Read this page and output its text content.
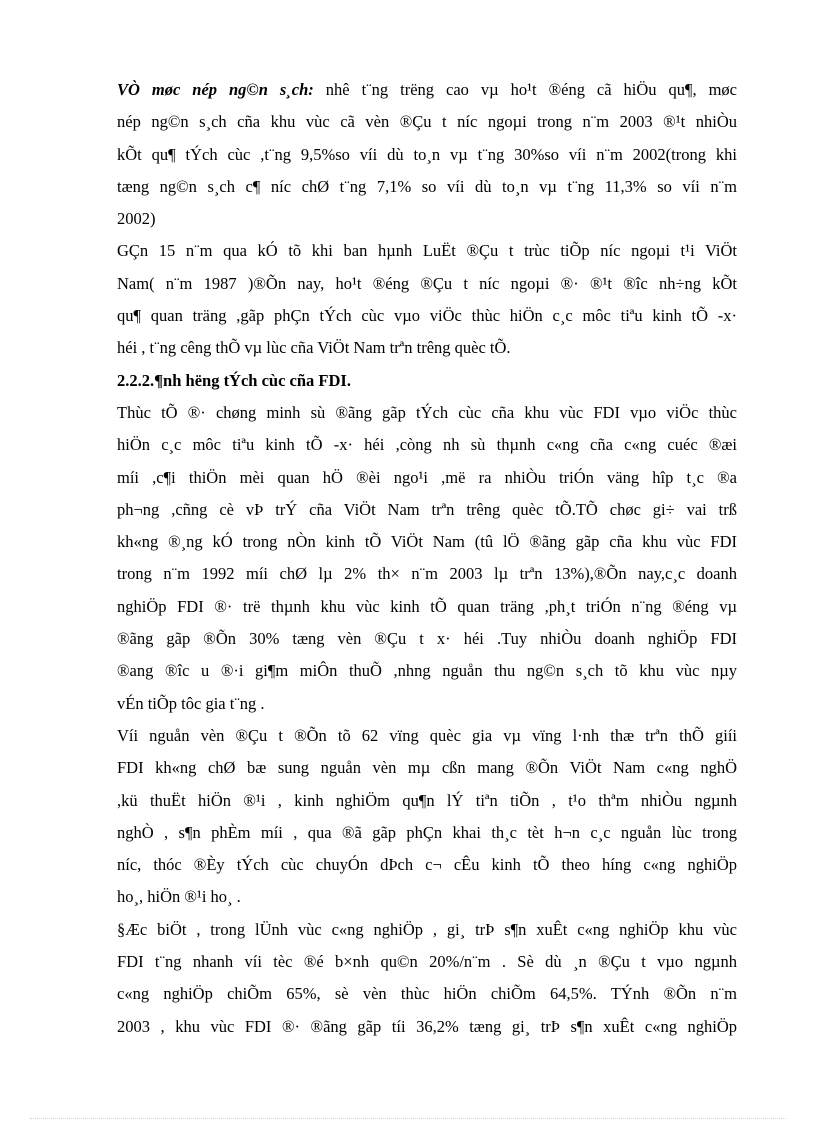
VÒ møc nép ng©n s¸ch: nhê t¨ng trëng cao vµ ho¹t ®éng cã hiÖu qu¶, møc
nép ng©n s¸ch cña khu vùc cã vèn ®Çu t níc ngoµi trong n¨m 2003 ®¹t nhiÒu
kÕt qu¶ tÝch cùc ,t¨ng 9,5%so víi dù to¸n vµ t¨ng 30%so víi n¨m 2002(trong khi
tæng ng©n s¸ch c¶ níc chØ t¨ng 7,1% so víi dù to¸n vµ t¨ng 11,3% so víi n¨m
2002)
GÇn 15 n¨m qua kÓ tõ khi ban hµnh LuËt ®Çu t trùc tiÕp níc ngoµi t¹i ViÖt
Nam( n¨m 1987 )®Õn nay, ho¹t ®éng ®Çu t níc ngoµi ®· ®¹t ®îc nh÷ng kÕt
qu¶ quan träng ,gãp phÇn tÝch cùc vµo viÖc thùc hiÖn c¸c môc tiªu kinh tÕ -x·
héi , t¨ng cêng thÕ vµ lùc cña ViÖt Nam trªn trêng quèc tÕ.
2.2.2.¶nh hëng tÝch cùc cña FDI.
Thùc tÕ ®· chøng minh sù ®ãng gãp tÝch cùc cña khu vùc FDI vµo viÖc thùc
hiÖn c¸c môc tiªu kinh tÕ -x· héi ,còng nh sù thµnh c«ng cña c«ng cuéc ®æi
míi ,c¶i thiÖn mèi quan hÖ ®èi ngo¹i ,më ra nhiÒu triÓn väng hîp t¸c ®a
ph¬ng ,cñng cè vÞ trÝ cña ViÖt Nam trªn trêng quèc tÕ.TÕ chøc gi÷ vai trß
kh«ng ®¸ng kÓ trong nÒn kinh tÕ ViÖt Nam (tû lÖ ®ãng gãp cña khu vùc FDI
trong n¨m 1992 míi chØ lµ 2% th× n¨m 2003 lµ trªn 13%),®Õn nay,c¸c doanh
nghiÖp FDI ®· trë thµnh khu vùc kinh tÕ quan träng ,ph¸t triÓn n¨ng ®éng vµ
®ãng gãp ®Õn 30% tæng vèn ®Çu t x· héi .Tuy nhiÒu doanh nghiÖp FDI
®ang ®îc u ®·i gi¶m miÔn thuÕ ,nhng nguån thu ng©n s¸ch tõ khu vùc nµy
vÉn tiÕp tôc gia t¨ng .
Víi nguån vèn ®Çu t ®Õn tõ 62 vïng quèc gia vµ vïng l·nh thæ trªn thÕ giíi
FDI kh«ng chØ bæ sung nguån vèn mµ cßn mang ®Õn ViÖt Nam c«ng nghÖ
,kü thuËt hiÖn ®¹i , kinh nghiÖm qu¶n lÝ tiªn tiÕn , t¹o thªm nhiÒu ngµnh
nghÒ , s¶n phÈm míi , qua ®ã gãp phÇn khai th¸c tèt h¬n c¸c nguån lùc trong
níc, thóc ®Èy tÝch cùc chuyÓn dÞch c¬ cÊu kinh tÕ theo híng c«ng nghiÖp
ho¸, hiÖn ®¹i ho¸ .
§Æc biÖt , trong lÜnh vùc c«ng nghiÖp , gi¸ trÞ s¶n xuÊt c«ng nghiÖp khu vùc
FDI t¨ng nhanh víi tèc ®é b×nh qu©n 20%/n¨m . Sè dù ¸n ®Çu t vµo ngµnh
c«ng nghiÖp chiÕm 65%, sè vèn thùc hiÖn chiÕm 64,5%. TÝnh ®Õn n¨m
2003 , khu vùc FDI ®· ®ãng gãp tíi 36,2% tæng gi¸ trÞ s¶n xuÊt c«ng nghiÖp
